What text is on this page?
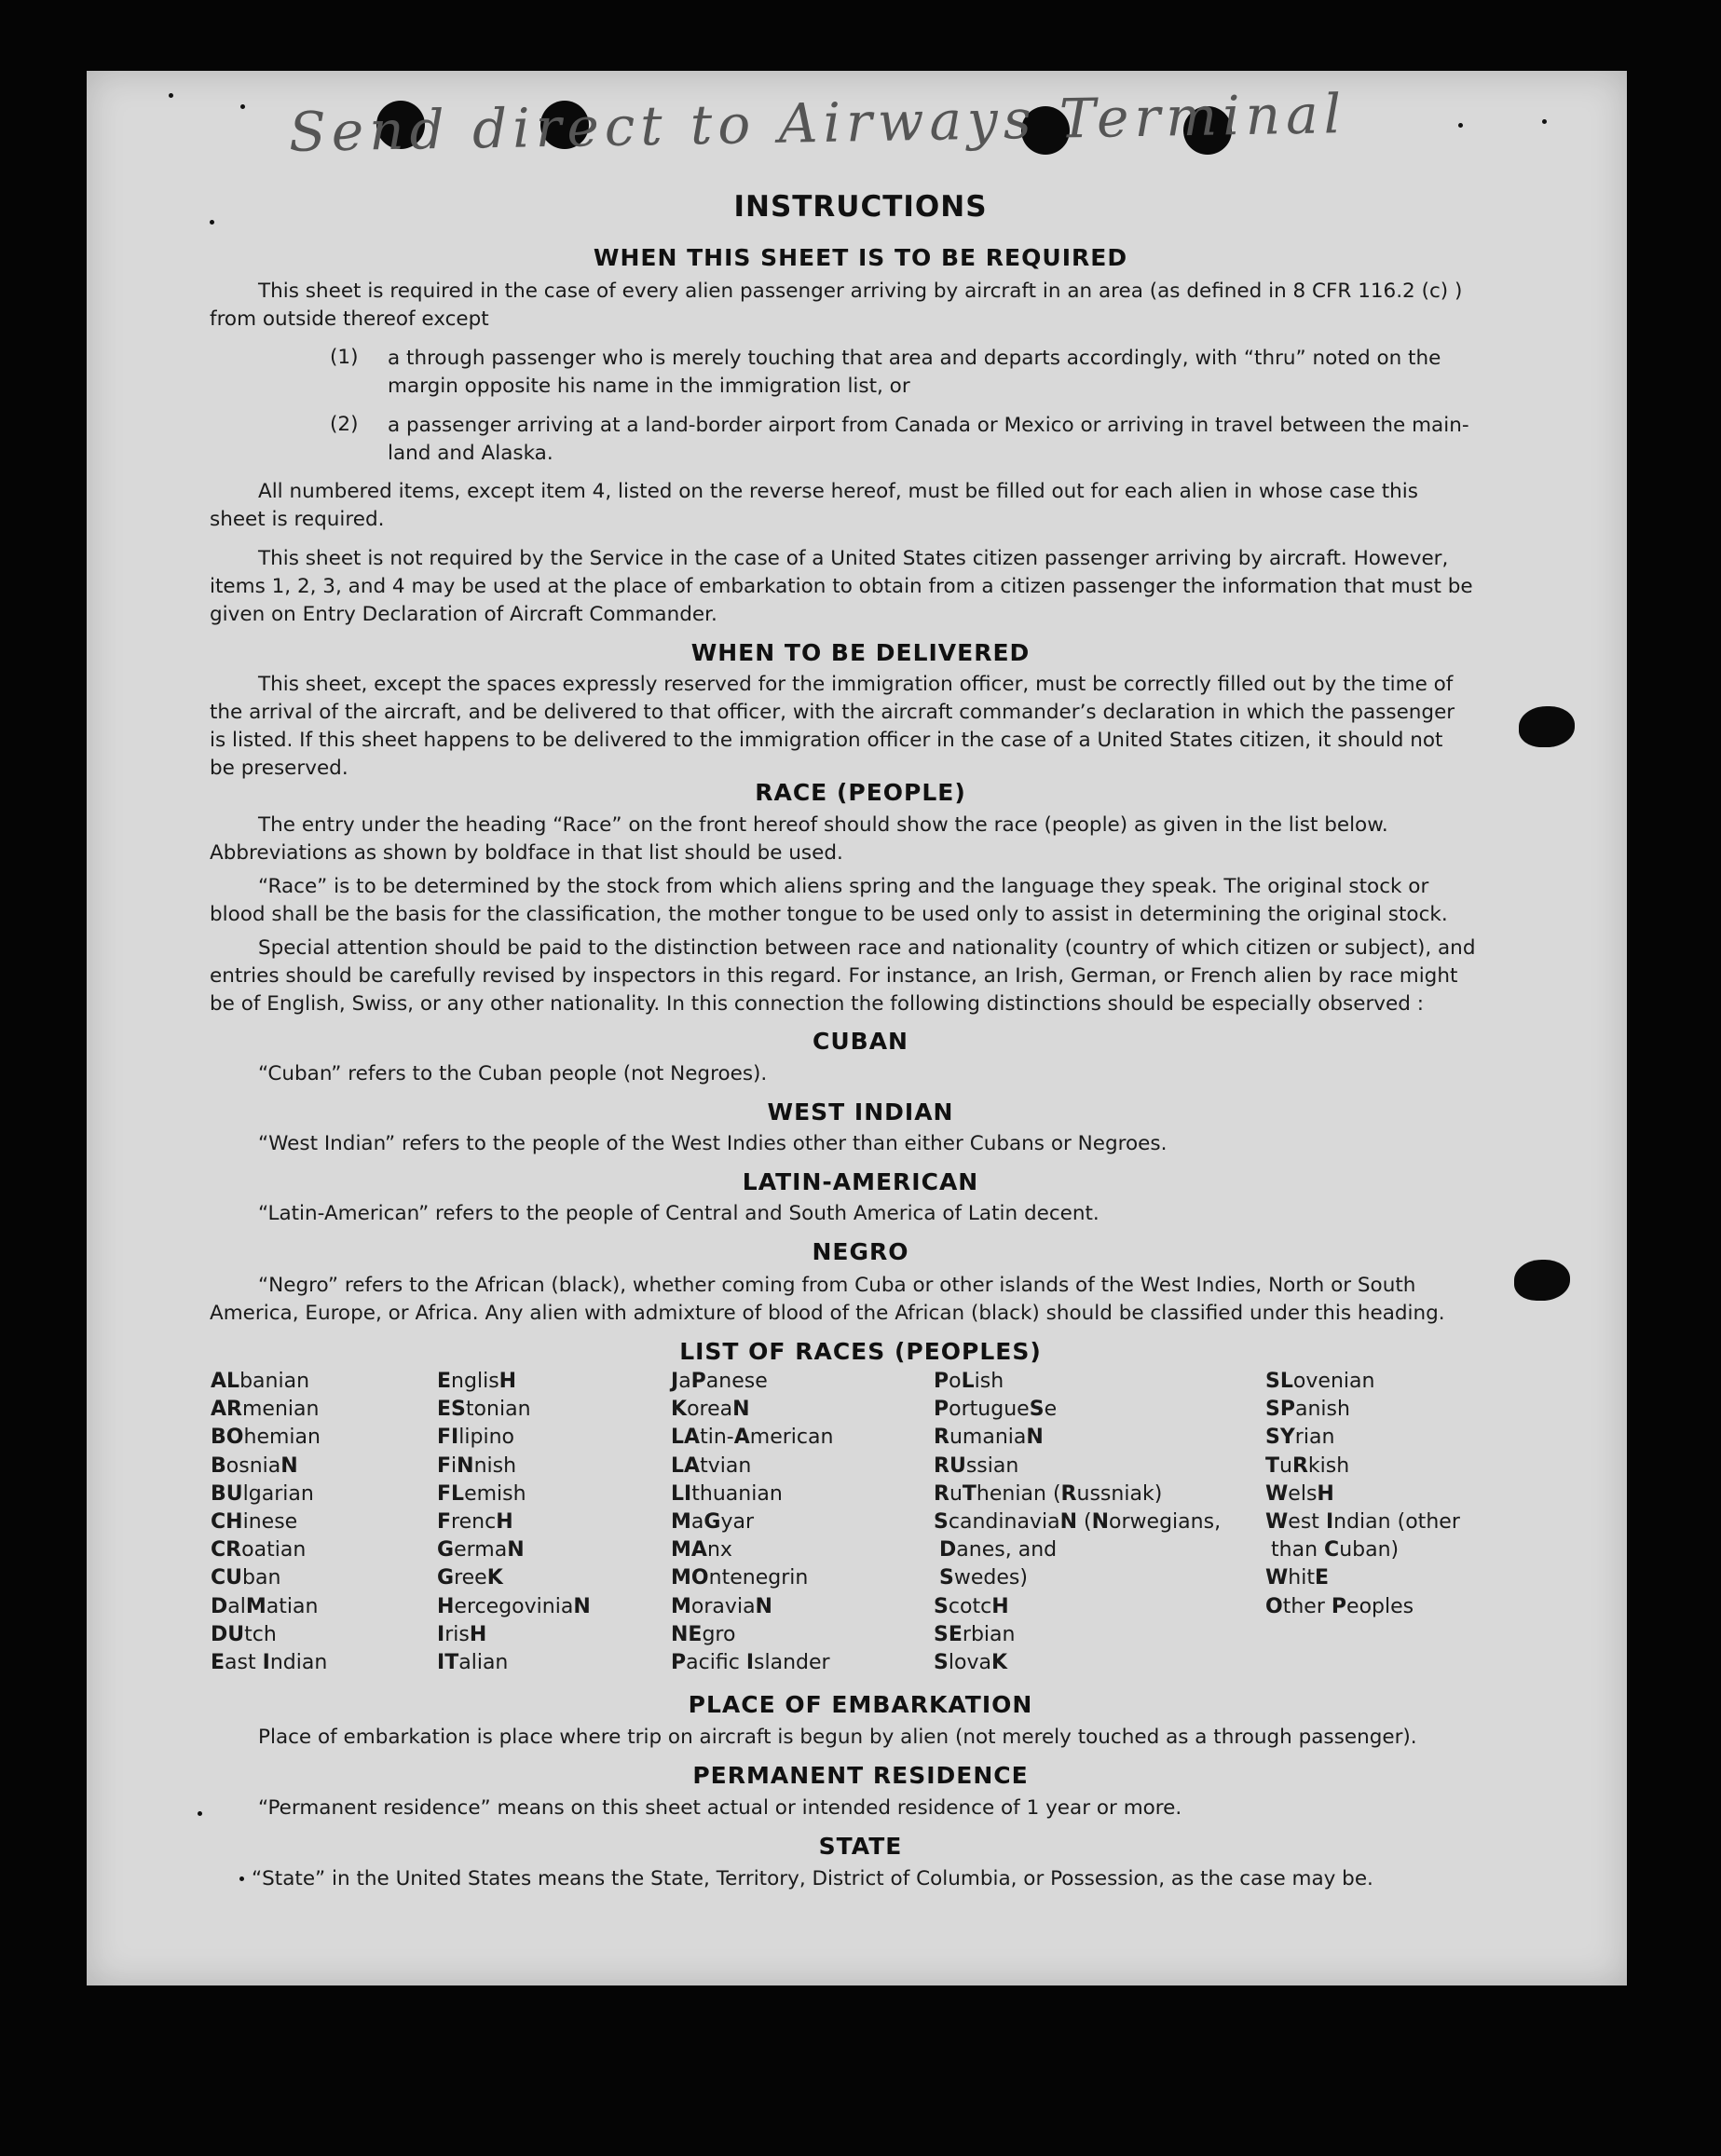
Send direct to Airways Terminal
INSTRUCTIONS
WHEN THIS SHEET IS TO BE REQUIRED
This sheet is required in the case of every alien passenger arriving by aircraft in an area (as defined in 8 CFR 116.2 (c) )
from outside thereof except
(1) a through passenger who is merely touching that area and departs accordingly, with “thru” noted on the
margin opposite his name in the immigration list, or
(2) a passenger arriving at a land-border airport from Canada or Mexico or arriving in travel between the main-
land and Alaska.
All numbered items, except item 4, listed on the reverse hereof, must be filled out for each alien in whose case this
sheet is required.
This sheet is not required by the Service in the case of a United States citizen passenger arriving by aircraft. However,
items 1, 2, 3, and 4 may be used at the place of embarkation to obtain from a citizen passenger the information that must be
given on Entry Declaration of Aircraft Commander.
WHEN TO BE DELIVERED
This sheet, except the spaces expressly reserved for the immigration officer, must be correctly filled out by the time of
the arrival of the aircraft, and be delivered to that officer, with the aircraft commander’s declaration in which the passenger
is listed. If this sheet happens to be delivered to the immigration officer in the case of a United States citizen, it should not
be preserved.
RACE (PEOPLE)
The entry under the heading “Race” on the front hereof should show the race (people) as given in the list below.
Abbreviations as shown by boldface in that list should be used.
“Race” is to be determined by the stock from which aliens spring and the language they speak. The original stock or
blood shall be the basis for the classification, the mother tongue to be used only to assist in determining the original stock.
Special attention should be paid to the distinction between race and nationality (country of which citizen or subject), and
entries should be carefully revised by inspectors in this regard. For instance, an Irish, German, or French alien by race might
be of English, Swiss, or any other nationality. In this connection the following distinctions should be especially observed :
CUBAN
“Cuban” refers to the Cuban people (not Negroes).
WEST INDIAN
“West Indian” refers to the people of the West Indies other than either Cubans or Negroes.
LATIN-AMERICAN
“Latin-American” refers to the people of Central and South America of Latin decent.
NEGRO
“Negro” refers to the African (black), whether coming from Cuba or other islands of the West Indies, North or South
America, Europe, or Africa. Any alien with admixture of blood of the African (black) should be classified under this heading.
LIST OF RACES (PEOPLES)
ALbanian
ARmenian
BOhemian
BosniaN
BUlgarian
CHinese
CRoatian
CUban
DalMatian
DUtch
East Indian
EnglisH
EStonian
FIlipino
FiNnish
FLemish
FrencH
GermaN
GreeK
HercegoviniaN
IrisH
ITalian
JaPanese
KoreaN
LAtin-American
LAtvian
LIthuanian
MaGyar
MAnx
MOntenegrin
MoraviaN
NEgro
Pacifc Islander
PoLish
PortugueSe
RumaniaN
RUssian
RuThenian (Russniak)
ScandinaviaN (Norwegians,
Danes, and
Swedes)
ScotcH
SErbian
SlovaK
SLovenian
SPanish
SYrian
TuRkish
WelsH
West Indian (other
than Cuban)
WhitE
Other Peoples
PLACE OF EMBARKATION
Place of embarkation is place where trip on aircraft is begun by alien (not merely touched as a through passenger).
PERMANENT RESIDENCE
“Permanent residence” means on this sheet actual or intended residence of 1 year or more.
STATE
“State” in the United States means the State, Territory, District of Columbia, or Possession, as the case may be.
